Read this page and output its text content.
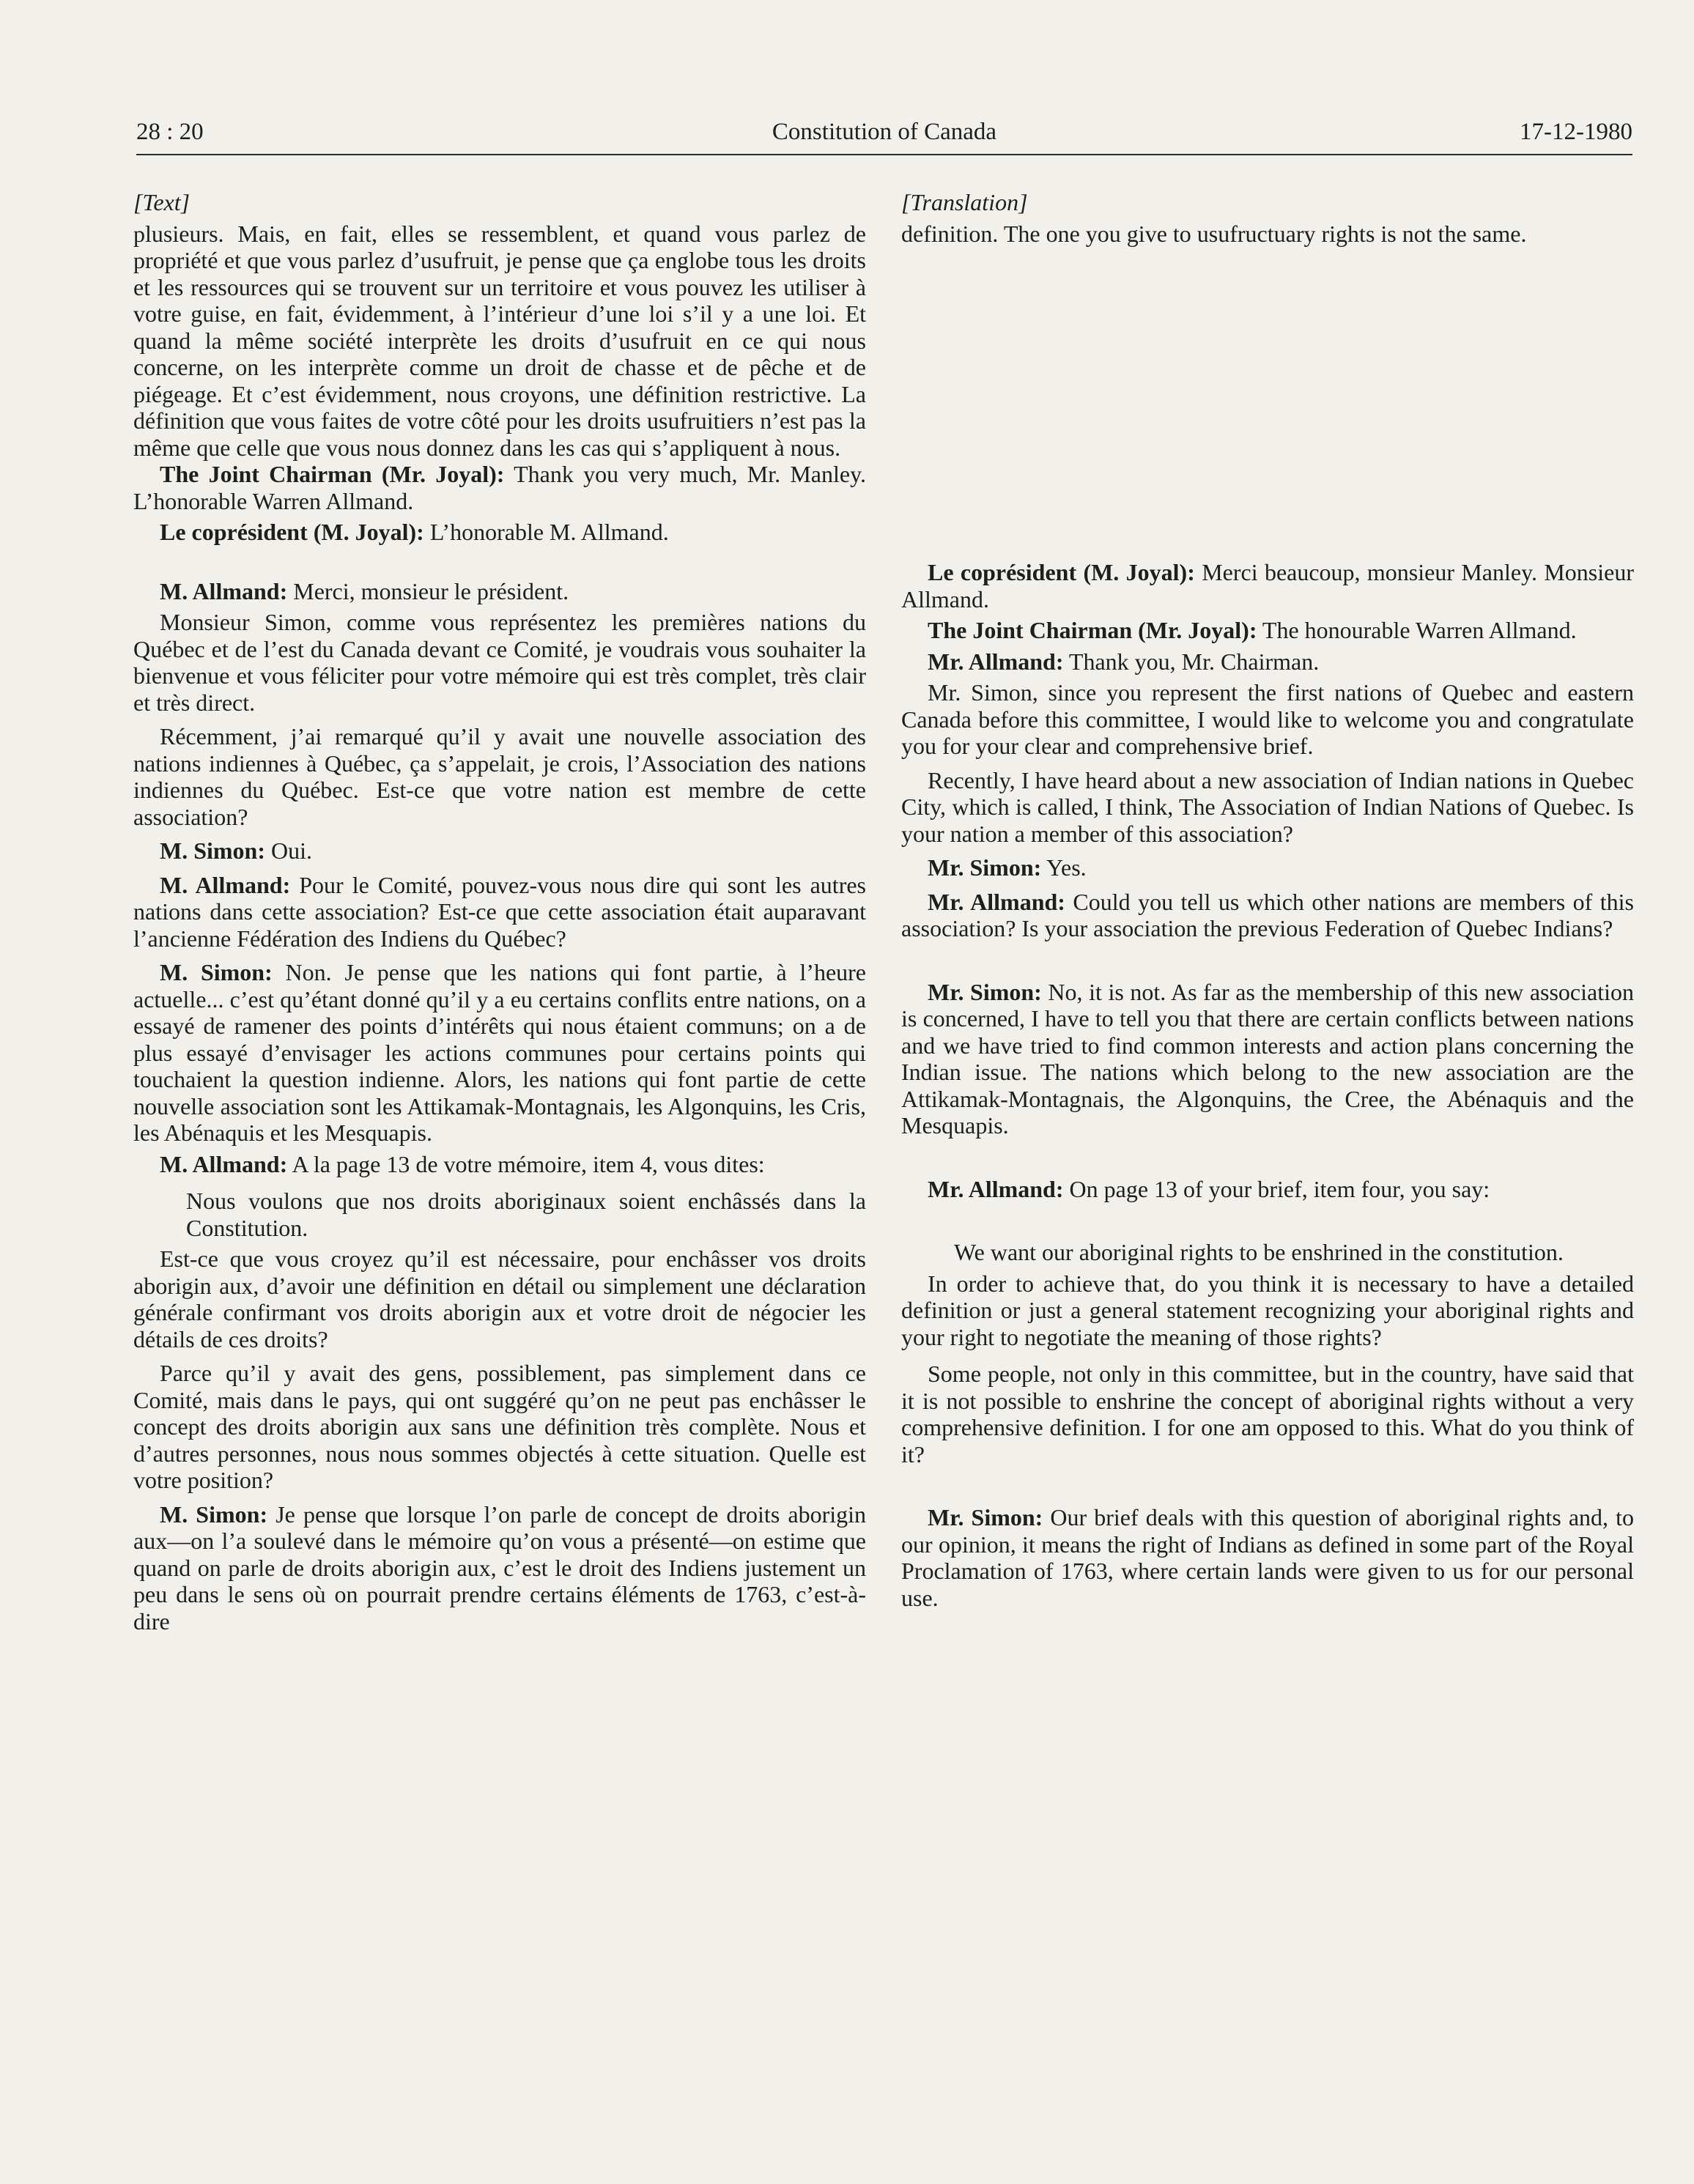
28 : 20	Constitution of Canada	17-12-1980

[Text]

plusieurs. Mais, en fait, elles se ressemblent, et quand vous parlez de propriété et que vous parlez d’usufruit, je pense que ça englobe tous les droits et les ressources qui se trouvent sur un territoire et vous pouvez les utiliser à votre guise, en fait, évidemment, à l’intérieur d’une loi s’il y a une loi. Et quand la même société interprète les droits d’usufruit en ce qui nous concerne, on les interprète comme un droit de chasse et de pêche et de piégeage. Et c’est évidemment, nous croyons, une définition restrictive. La définition que vous faites de votre côté pour les droits usufruitiers n’est pas la même que celle que vous nous donnez dans les cas qui s’appliquent à nous.

The Joint Chairman (Mr. Joyal): Thank you very much, Mr. Manley. L’honorable Warren Allmand.

Le coprésident (M. Joyal): L’honorable M. Allmand.

M. Allmand: Merci, monsieur le président.

Monsieur Simon, comme vous représentez les premières nations du Québec et de l’est du Canada devant ce Comité, je voudrais vous souhaiter la bienvenue et vous féliciter pour votre mémoire qui est très complet, très clair et très direct.

Récemment, j’ai remarqué qu’il y avait une nouvelle association des nations indiennes à Québec, ça s’appelait, je crois, l’Association des nations indiennes du Québec. Est-ce que votre nation est membre de cette association?

M. Simon: Oui.

M. Allmand: Pour le Comité, pouvez-vous nous dire qui sont les autres nations dans cette association? Est-ce que cette association était auparavant l’ancienne Fédération des Indiens du Québec?

M. Simon: Non. Je pense que les nations qui font partie, à l’heure actuelle... c’est qu’étant donné qu’il y a eu certains conflits entre nations, on a essayé de ramener des points d’intérêts qui nous étaient communs; on a de plus essayé d’envisager les actions communes pour certains points qui touchaient la question indienne. Alors, les nations qui font partie de cette nouvelle association sont les Attikamak-Montagnais, les Algonquins, les Cris, les Abénaquis et les Mesquapis.

M. Allmand: A la page 13 de votre mémoire, item 4, vous dites:

Nous voulons que nos droits aboriginaux soient enchâssés dans la Constitution.

Est-ce que vous croyez qu’il est nécessaire, pour enchâsser vos droits aborigin aux, d’avoir une définition en détail ou simplement une déclaration générale confirmant vos droits aborigin aux et votre droit de négocier les détails de ces droits?

Parce qu’il y avait des gens, possiblement, pas simplement dans ce Comité, mais dans le pays, qui ont suggéré qu’on ne peut pas enchâsser le concept des droits aborigin aux sans une définition très complète. Nous et d’autres personnes, nous nous sommes objectés à cette situation. Quelle est votre position?

M. Simon: Je pense que lorsque l’on parle de concept de droits aborigin aux—on l’a soulevé dans le mémoire qu’on vous a présenté—on estime que quand on parle de droits aborigin aux, c’est le droit des Indiens justement un peu dans le sens où on pourrait prendre certains éléments de 1763, c’est-à-dire

[Translation]

definition. The one you give to usufructuary rights is not the same.

Le coprésident (M. Joyal): Merci beaucoup, monsieur Manley. Monsieur Allmand.

The Joint Chairman (Mr. Joyal): The honourable Warren Allmand.

Mr. Allmand: Thank you, Mr. Chairman.

Mr. Simon, since you represent the first nations of Quebec and eastern Canada before this committee, I would like to welcome you and congratulate you for your clear and comprehensive brief.

Recently, I have heard about a new association of Indian nations in Quebec City, which is called, I think, The Association of Indian Nations of Quebec. Is your nation a member of this association?

Mr. Simon: Yes.

Mr. Allmand: Could you tell us which other nations are members of this association? Is your association the previous Federation of Quebec Indians?

Mr. Simon: No, it is not. As far as the membership of this new association is concerned, I have to tell you that there are certain conflicts between nations and we have tried to find common interests and action plans concerning the Indian issue. The nations which belong to the new association are the Attikamak-Montagnais, the Algonquins, the Cree, the Abénaquis and the Mesquapis.

Mr. Allmand: On page 13 of your brief, item four, you say:

We want our aboriginal rights to be enshrined in the constitution.

In order to achieve that, do you think it is necessary to have a detailed definition or just a general statement recognizing your aboriginal rights and your right to negotiate the meaning of those rights?

Some people, not only in this committee, but in the country, have said that it is not possible to enshrine the concept of aboriginal rights without a very comprehensive definition. I for one am opposed to this. What do you think of it?

Mr. Simon: Our brief deals with this question of aboriginal rights and, to our opinion, it means the right of Indians as defined in some part of the Royal Proclamation of 1763, where certain lands were given to us for our personal use.
